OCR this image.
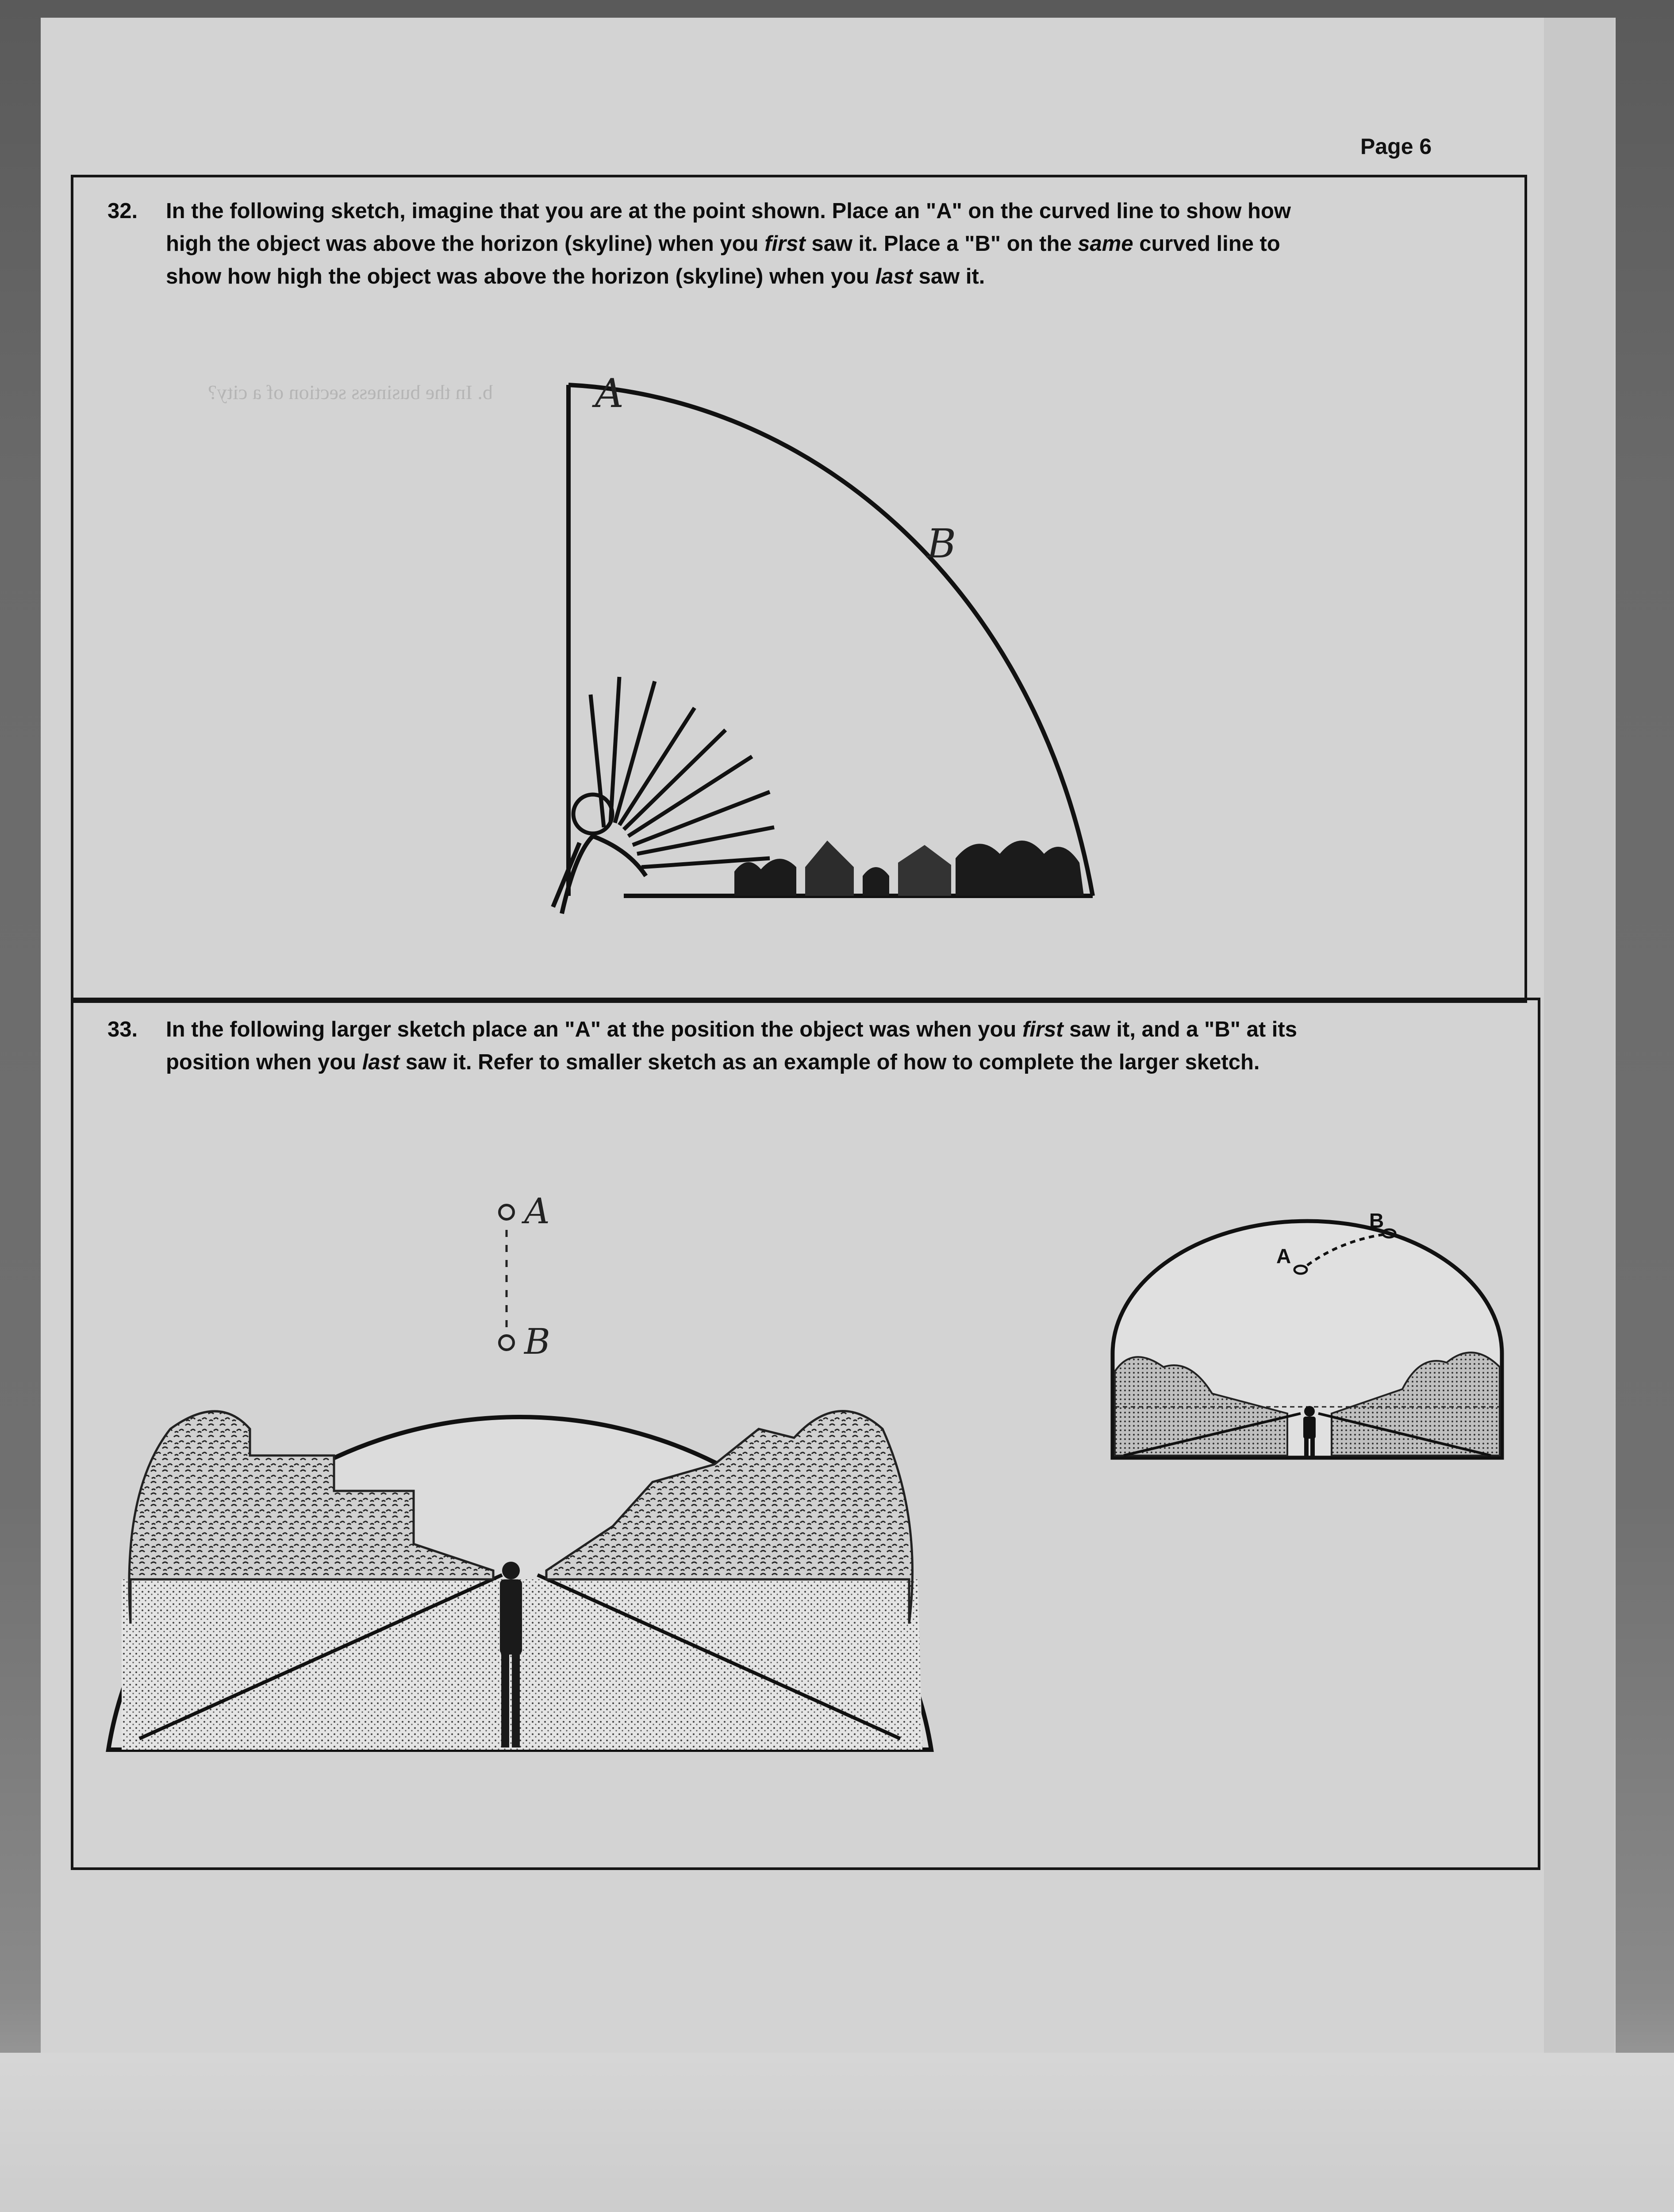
b. In the business section of a city?
Page 6
32. In the following sketch, imagine that you are at the point shown. Place an "A" on the curved line to show how
high the object was above the horizon (skyline) when you first saw it. Place a "B" on the same curved line to
show how high the object was above the horizon (skyline) when you last saw it.
A
B
33. In the following larger sketch place an "A" at the position the object was when you first saw it, and a "B" at its
position when you last saw it. Refer to smaller sketch as an example of how to complete the larger sketch.
A
B
A
B
